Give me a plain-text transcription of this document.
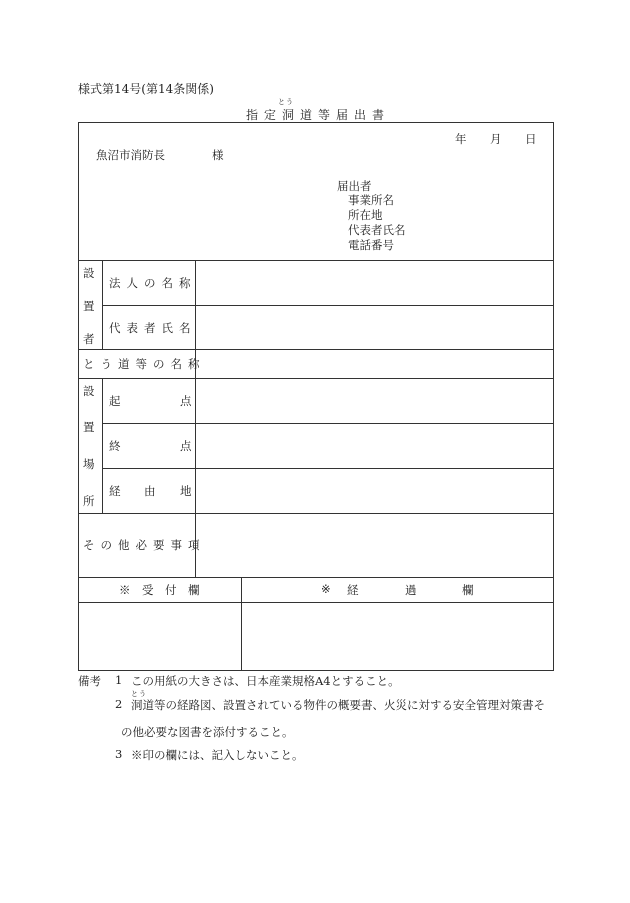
様式第14号(第14条関係)
とう
指 定 洞 道 等 届 出 書
年 月 日
魚沼市消防長	様
届出者
事業所名
所在地
代表者氏名
電話番号
設
置
者
法人の名称
代表者氏名
とう道等の名称
設
置
場
所
起	点
終	点
経 由 地
その他必要事項
※　受　付　欄	※ 経	過	欄
備考 1 この用紙の大きさは、日本産業規格A4とすること。
とう
2 洞道等の経路図、設置されている物件の概要書、火災に対する安全管理対策書そ
の他必要な図書を添付すること。
3 ※印の欄には、記入しないこと。
